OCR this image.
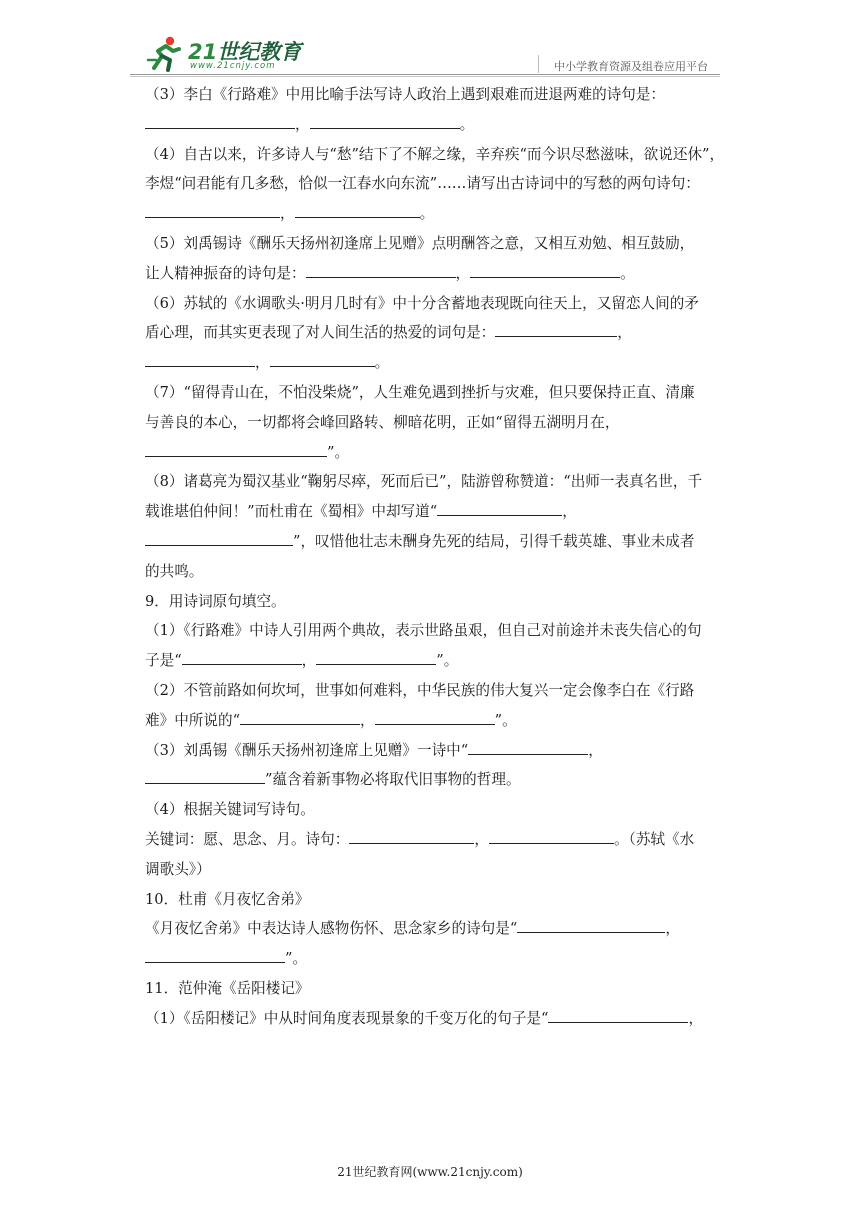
21世纪教育
www.21cnjy.com	中小学教育资源及组卷应用平台

（3）李白《行路难》中用比喻手法写诗人政治上遇到艰难而进退两难的诗句是：

，	。

（4）自古以来，许多诗人与“愁”结下了不解之缘，辛弃疾“而今识尽愁滋味，欲说还休”，

李煜“问君能有几多愁，恰似一江春水向东流”……请写出古诗词中的写愁的两句诗句：

，	。

（5）刘禹锡诗《酬乐天扬州初逢席上见赠》点明酬答之意，又相互劝勉、相互鼓励，

让人精神振奋的诗句是：	，	。

（6）苏轼的《水调歌头·明月几时有》中十分含蓄地表现既向往天上，又留恋人间的矛

盾心理，而其实更表现了对人间生活的热爱的词句是：	，

，	。

（7）“留得青山在，不怕没柴烧”，人生难免遇到挫折与灾难，但只要保持正直、清廉

与善良的本心，一切都将会峰回路转、柳暗花明，正如“留得五湖明月在，

”。

（8）诸葛亮为蜀汉基业“鞠躬尽瘁，死而后已”，陆游曾称赞道：“出师一表真名世，千

载谁堪伯仲间！”而杜甫在《蜀相》中却写道“	，

”，叹惜他壮志未酬身先死的结局，引得千载英雄、事业未成者

的共鸣。

9．用诗词原句填空。

（1）《行路难》中诗人引用两个典故，表示世路虽艰，但自己对前途并未丧失信心的句

子是“	，	”。

（2）不管前路如何坎坷，世事如何难料，中华民族的伟大复兴一定会像李白在《行路

难》中所说的“	，	”。

（3）刘禹锡《酬乐天扬州初逢席上见赠》一诗中“	，

”蕴含着新事物必将取代旧事物的哲理。

（4）根据关键词写诗句。

关键词：愿、思念、月。诗句：	，	。（苏轼《水

调歌头》）

10．杜甫《月夜忆舍弟》

《月夜忆舍弟》中表达诗人感物伤怀、思念家乡的诗句是“	，

”。

11．范仲淹《岳阳楼记》

（1）《岳阳楼记》中从时间角度表现景象的千变万化的句子是“	，

21世纪教育网(www.21cnjy.com)
